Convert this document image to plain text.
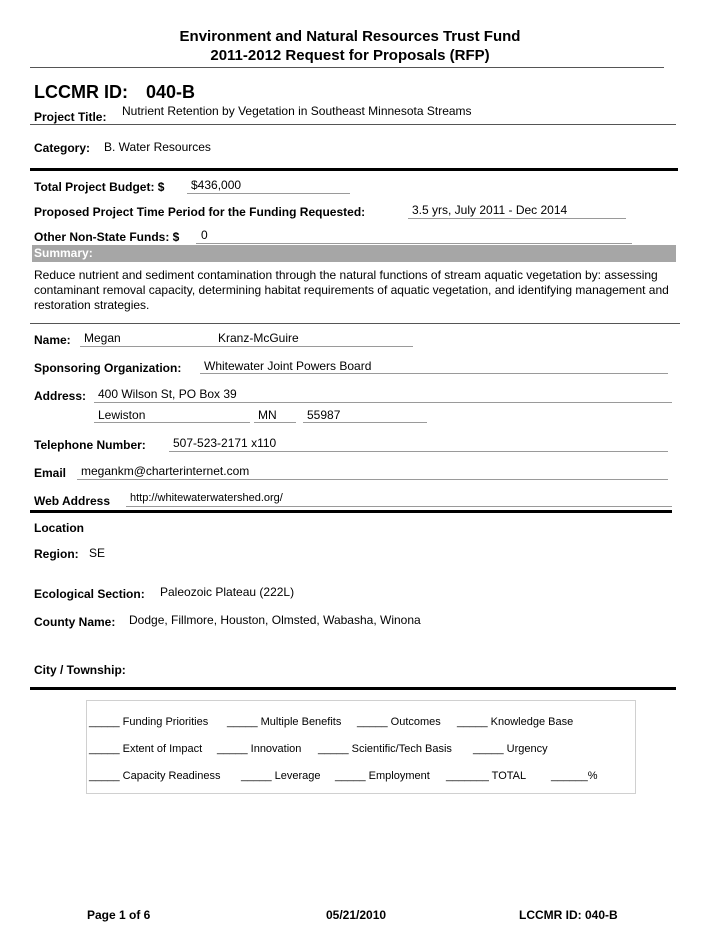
Environment and Natural Resources Trust Fund
2011-2012 Request for Proposals (RFP)
LCCMR ID: 040-B
Project Title: Nutrient Retention by Vegetation in Southeast Minnesota Streams
Category: B. Water Resources
Total Project Budget: $ $436,000
Proposed Project Time Period for the Funding Requested:	3.5 yrs, July 2011 - Dec 2014
Other Non-State Funds: $ 0
Summary:
Reduce nutrient and sediment contamination through the natural functions of stream aquatic vegetation by: assessing contaminant removal capacity, determining habitat requirements of aquatic vegetation, and identifying management and restoration strategies.
Name: Megan	Kranz-McGuire
Sponsoring Organization: Whitewater Joint Powers Board
Address: 400 Wilson St, PO Box 39
Lewiston	MN	55987
Telephone Number: 507-523-2171 x110
Email megankm@charterinternet.com
Web Address http://whitewaterwatershed.org/
Location
Region: SE
Ecological Section: Paleozoic Plateau (222L)
County Name: Dodge, Fillmore, Houston, Olmsted, Wabasha, Winona
City / Township:
_____ Funding Priorities _____ Multiple Benefits _____ Outcomes _____ Knowledge Base
_____ Extent of Impact _____ Innovation _____ Scientific/Tech Basis _____ Urgency
_____ Capacity Readiness _____ Leverage _____ Employment _______ TOTAL ______%
Page 1 of 6	05/21/2010	LCCMR ID: 040-B
